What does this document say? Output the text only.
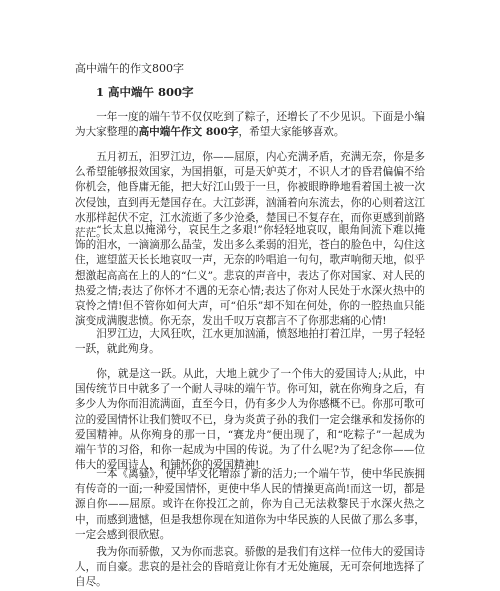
高中端午的作文800字
1 高中端午 800字

一年一度的端午节不仅仅吃到了粽子，还增长了不少见识。下面是小编为大家整理的高中端午作文 800字，希望大家能够喜欢。

五月初五，汨罗江边，你——屈原，内心充满矛盾，充满无奈，你是多么希望能够报效国家，为国捐躯，可是天妒英才，不识人才的昏君偏偏不给你机会，他昏庸无能，把大好江山毁于一旦，你被眼睁睁地看着国土被一次次侵蚀，直到再无楚国存在。大江彭湃，汹涌着向东流去，你的心则着这江水那样起伏不定，江水流逝了多少沧桑，楚国已不复存在，而你更感到前路茫茫。

“长太息以掩涕兮，哀民生之多艰!”你轻轻地哀叹，眼角间流下难以掩饰的泪水，一滴滴那么晶莹，发出多么柔弱的泪光，苍白的脸色中，勾住这住，遮望蓝天长长地哀叹一声，无奈的吟唱追一句句，歌声响彻天地，似乎想激起高高在上的人的“仁义”。悲哀的声音中，表达了你对国家、对人民的热爱之情;表达了你怀才不遇的无奈心情;表达了你对人民处于水深火热中的哀怜之情!但不管你如何大声，可“伯乐”却不知在何处，你的一腔热血只能演变成满腹悲愤。你无奈，发出千叹万哀都言不了你那悲痛的心情!

汨罗江边，大风狂吹，江水更加汹涌，愤怒地拍打着江岸，一男子轻轻一跃，就此殉身。

你，就是这一跃。从此，大地上就少了一个伟大的爱国诗人;从此，中国传统节日中就多了一个耐人寻味的端午节。你可知，就在你殉身之后，有多少人为你而泪流满面，直至今日，仍有多少人为你感概不已。你那可歌可泣的爱国情怀让我们赞叹不已，身为炎黄子孙的我们一定会继承和发扬你的爱国精神。从你殉身的那一日，“赛龙舟”便出现了，和“吃粽子”一起成为端午节的习俗，和你一起成为中国的传说。为了什么呢?为了纪念你——位伟大的爱国诗人，和铺怀你的爱国精神!

一本《离骚》，使中华文化增添了新的活力;一个端午节，使中华民族拥有传奇的一面;一种爱国情怀，更使中华人民的情操更高尚!而这一切，都是源自你——屈原。或许在你投江之前，你为自己无法救黎民于水深火热之中，而感到遗憾，但是我想你现在知道你为中华民族的人民做了那么多事，一定会感到很欣慰。

我为你而骄傲，又为你而悲哀。骄傲的是我们有这样一位伟大的爱国诗人，而自豪。悲哀的是社会的昏暗竟让你有才无处施展，无可奈何地选择了自尽。
